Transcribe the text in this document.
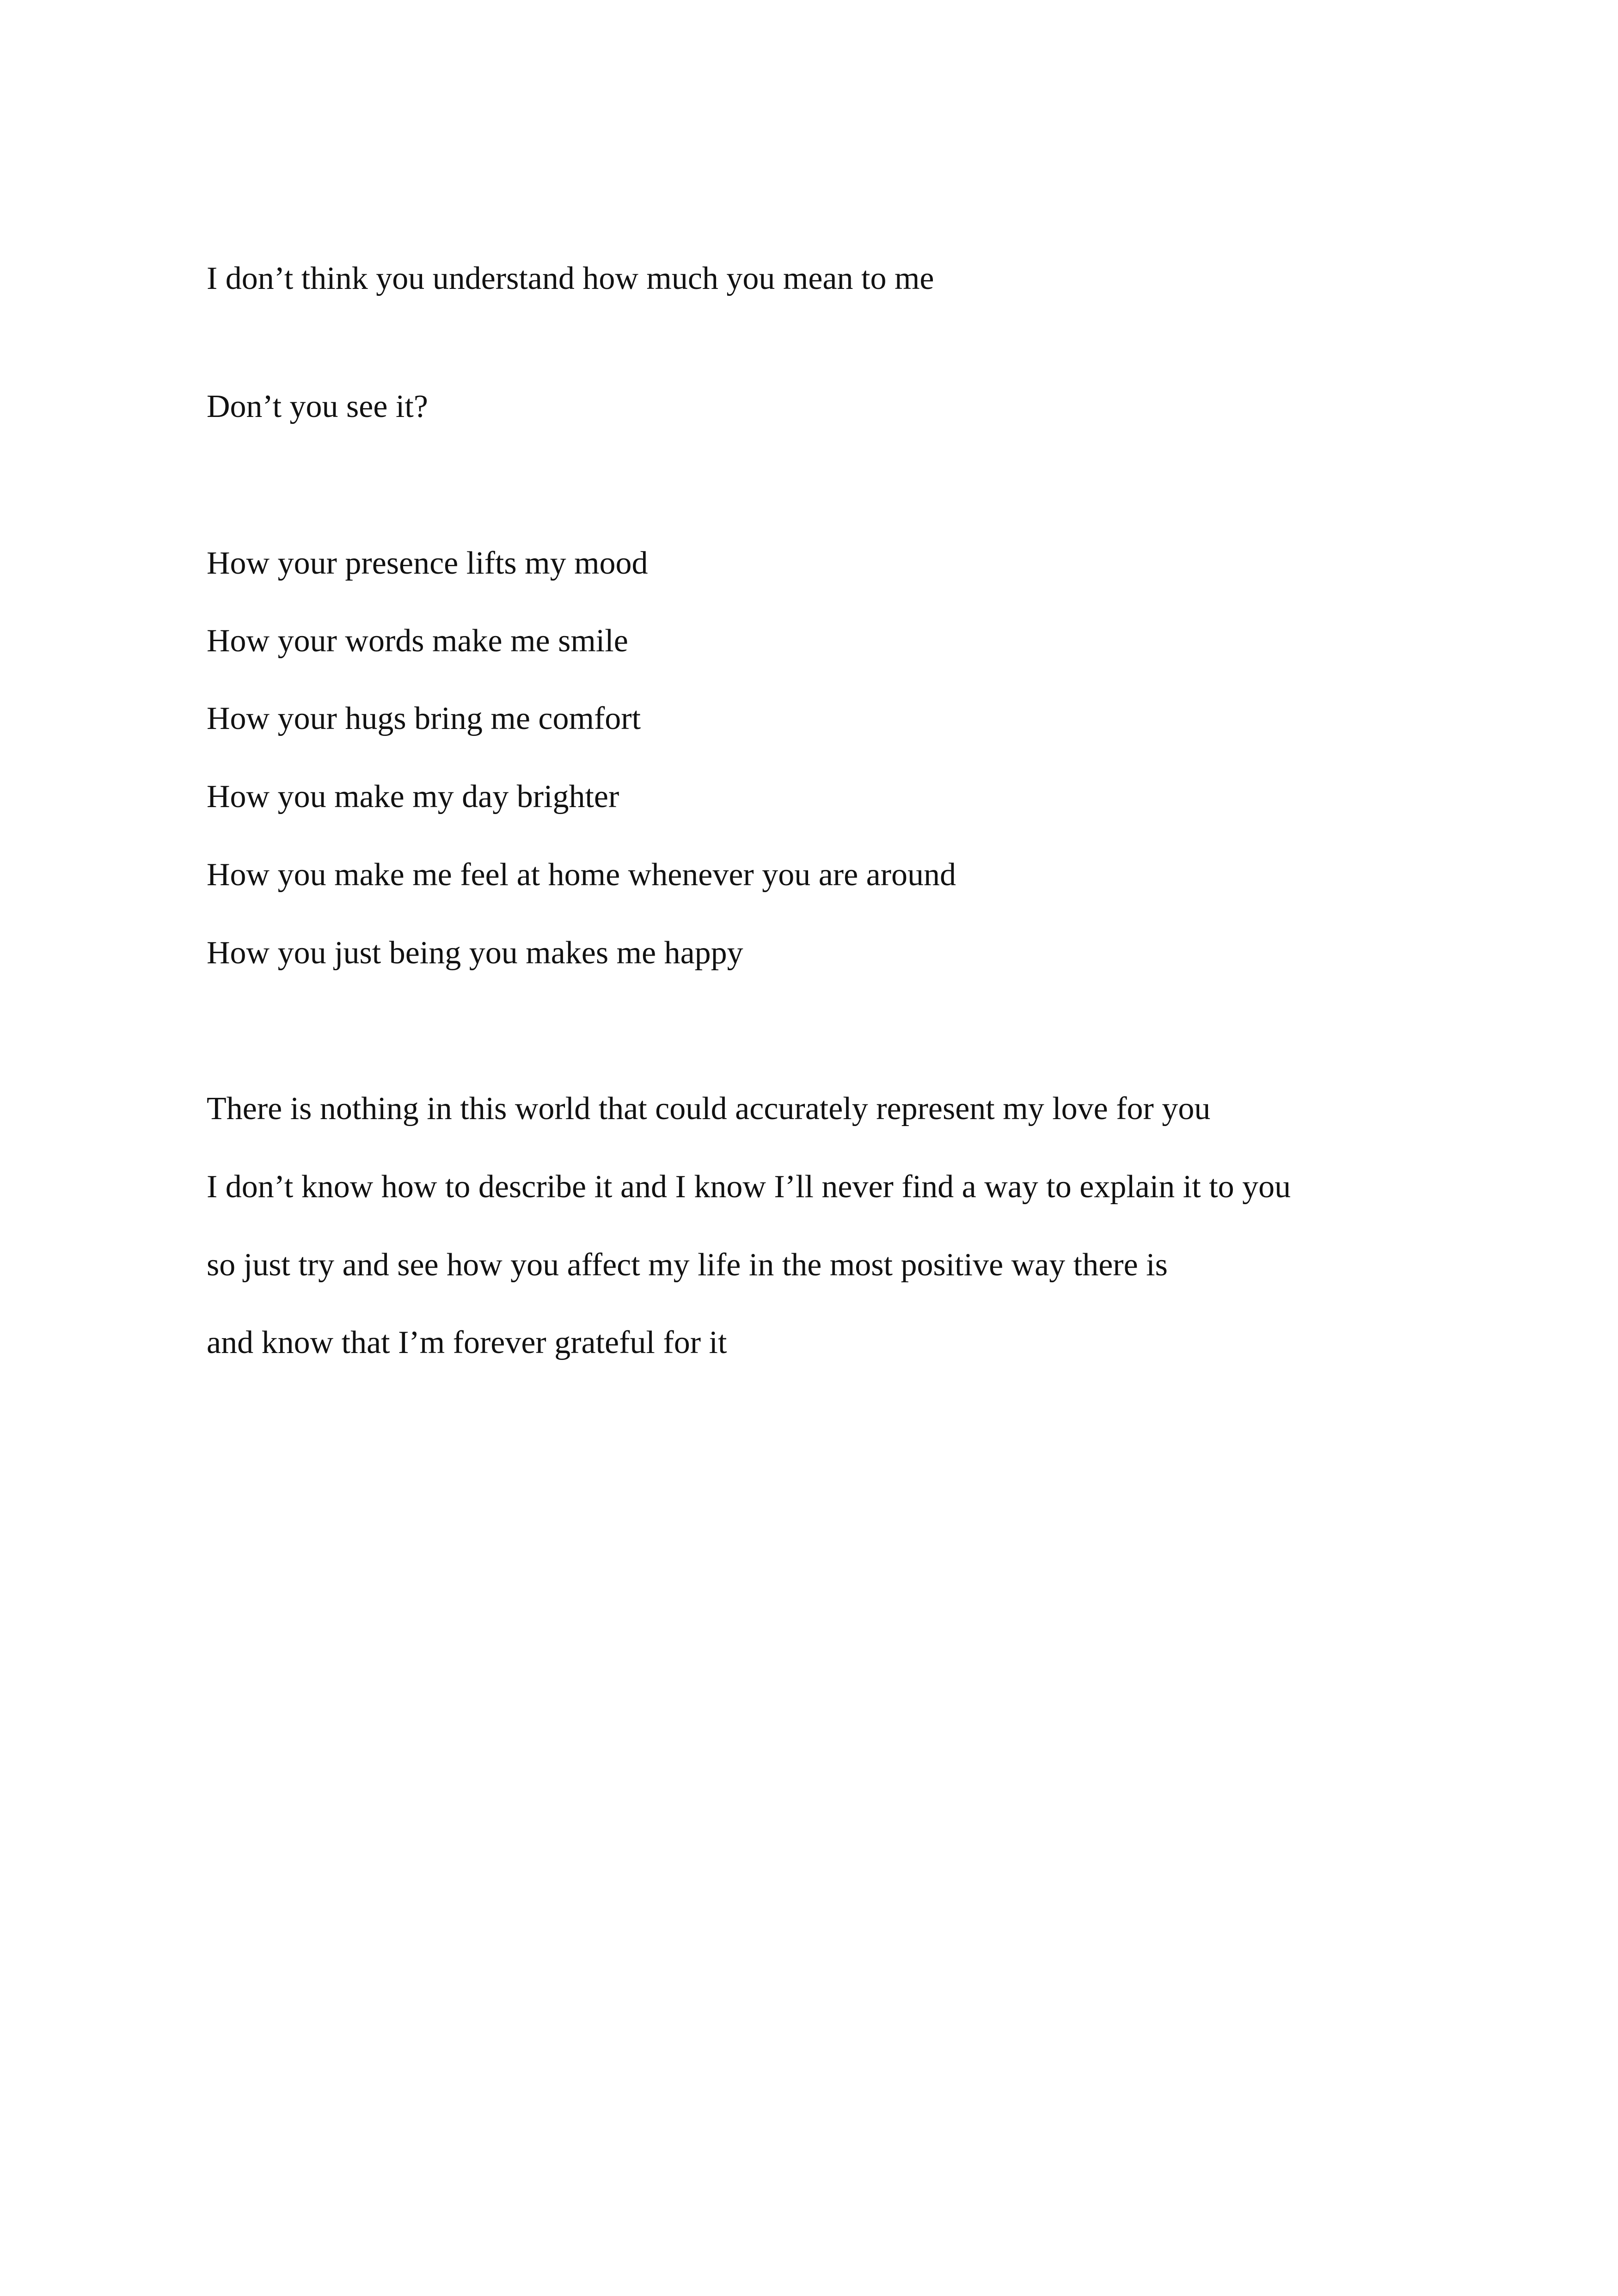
I don’t think you understand how much you mean to me

Don’t you see it?

How your presence lifts my mood

How your words make me smile

How your hugs bring me comfort

How you make my day brighter

How you make me feel at home whenever you are around

How you just being you makes me happy

There is nothing in this world that could accurately represent my love for you

I don’t know how to describe it and I know I’ll never find a way to explain it to you

so just try and see how you affect my life in the most positive way there is

and know that I’m forever grateful for it
